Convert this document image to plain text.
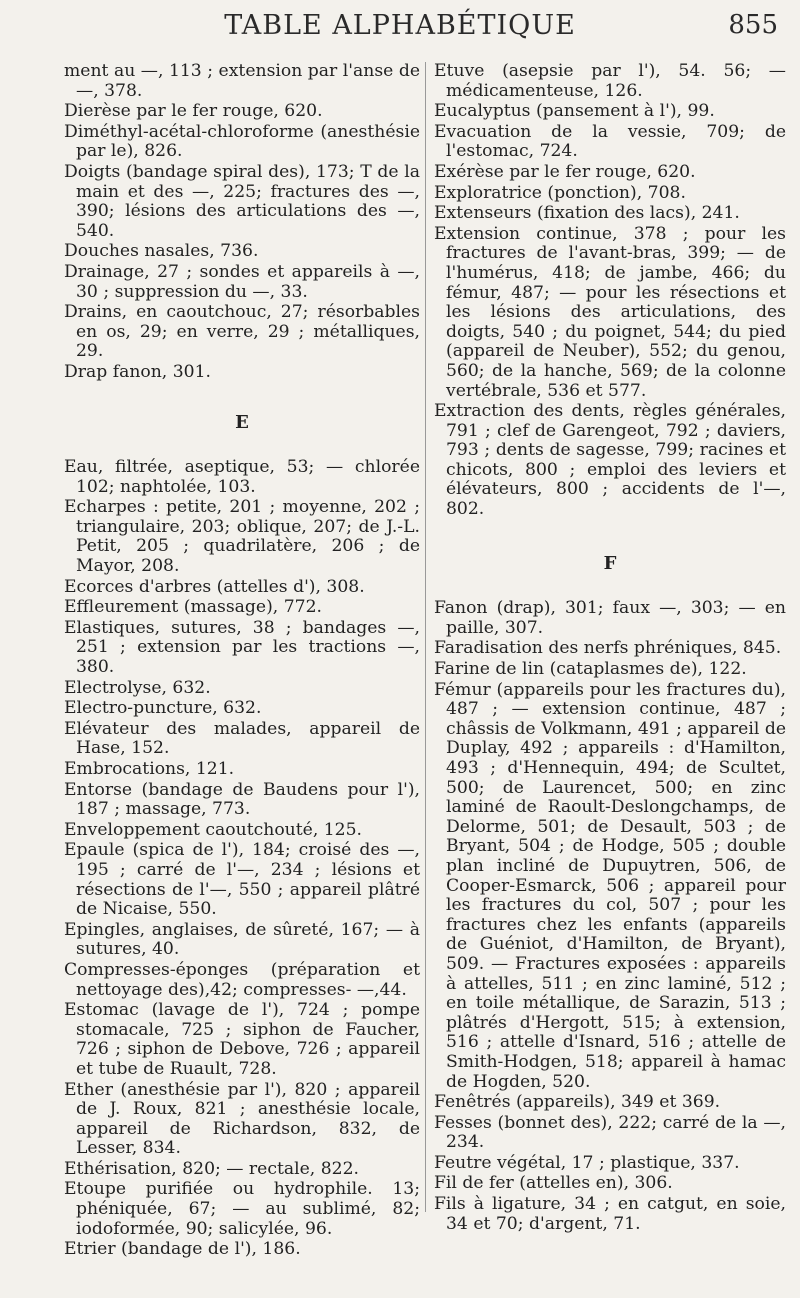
TABLE ALPHABÉTIQUE	855

ment au —, 113 ; extension par l'anse de —, 378.

Dierèse par le fer rouge, 620.

Diméthyl-acétal-chloroforme (anesthésie par le), 826.

Doigts (bandage spiral des), 173; T de la main et des —, 225; fractures des —, 390; lésions des articulations des —, 540.

Douches nasales, 736.

Drainage, 27 ; sondes et appareils à —, 30 ; suppression du —, 33.

Drains, en caoutchouc, 27; résorbables en os, 29; en verre, 29 ; métalliques, 29.

Drap fanon, 301.

E

Eau, filtrée, aseptique, 53; — chlorée 102; naphtolée, 103.

Echarpes : petite, 201 ; moyenne, 202 ; triangulaire, 203; oblique, 207; de J.-L. Petit, 205 ; quadrilatère, 206 ; de Mayor, 208.

Ecorces d'arbres (attelles d'), 308.

Effleurement (massage), 772.

Elastiques, sutures, 38 ; bandages —, 251 ; extension par les tractions —, 380.

Electrolyse, 632.

Electro-puncture, 632.

Elévateur des malades, appareil de Hase, 152.

Embrocations, 121.

Entorse (bandage de Baudens pour l'), 187 ; massage, 773.

Enveloppement caoutchouté, 125.

Epaule (spica de l'), 184; croisé des —, 195 ; carré de l'—, 234 ; lésions et résections de l'—, 550 ; appareil plâtré de Nicaise, 550.

Epingles, anglaises, de sûreté, 167; — à sutures, 40.

Compresses-éponges (préparation et nettoyage des),42; compresses- —,44.

Estomac (lavage de l'), 724 ; pompe stomacale, 725 ; siphon de Faucher, 726 ; siphon de Debove, 726 ; appareil et tube de Ruault, 728.

Ether (anesthésie par l'), 820 ; appareil de J. Roux, 821 ; anesthésie locale, appareil de Richardson, 832, de Lesser, 834.

Ethérisation, 820; — rectale, 822.

Etoupe purifiée ou hydrophile. 13; phéniquée, 67; — au sublimé, 82; iodoformée, 90; salicylée, 96.

Etrier (bandage de l'), 186.

Etuve (asepsie par l'), 54. 56; — médicamenteuse, 126.

Eucalyptus (pansement à l'), 99.

Evacuation de la vessie, 709; de l'estomac, 724.

Exérèse par le fer rouge, 620.

Exploratrice (ponction), 708.

Extenseurs (fixation des lacs), 241.

Extension continue, 378 ; pour les fractures de l'avant-bras, 399; — de l'humérus, 418; de jambe, 466; du fémur, 487; — pour les résections et les lésions des articulations, des doigts, 540 ; du poignet, 544; du pied (appareil de Neuber), 552; du genou, 560; de la hanche, 569; de la colonne vertébrale, 536 et 577.

Extraction des dents, règles générales, 791 ; clef de Garengeot, 792 ; daviers, 793 ; dents de sagesse, 799; racines et chicots, 800 ; emploi des leviers et élévateurs, 800 ; accidents de l'—, 802.

F

Fanon (drap), 301; faux —, 303; — en paille, 307.

Faradisation des nerfs phréniques, 845.

Farine de lin (cataplasmes de), 122.

Fémur (appareils pour les fractures du), 487 ; — extension continue, 487 ; châssis de Volkmann, 491 ; appareil de Duplay, 492 ; appareils : d'Hamilton, 493 ; d'Hennequin, 494; de Scultet, 500; de Laurencet, 500; en zinc laminé de Raoult-Deslongchamps, de Delorme, 501; de Desault, 503 ; de Bryant, 504 ; de Hodge, 505 ; double plan incliné de Dupuytren, 506, de Cooper-Esmarck, 506 ; appareil pour les fractures du col, 507 ; pour les fractures chez les enfants (appareils de Guéniot, d'Hamilton, de Bryant), 509. — Fractures exposées : appareils à attelles, 511 ; en zinc laminé, 512 ; en toile métallique, de Sarazin, 513 ; plâtrés d'Hergott, 515; à extension, 516 ; attelle d'Isnard, 516 ; attelle de Smith-Hodgen, 518; appareil à hamac de Hogden, 520.

Fenêtrés (appareils), 349 et 369.

Fesses (bonnet des), 222; carré de la —, 234.

Feutre végétal, 17 ; plastique, 337.

Fil de fer (attelles en), 306.

Fils à ligature, 34 ; en catgut, en soie, 34 et 70; d'argent, 71.
